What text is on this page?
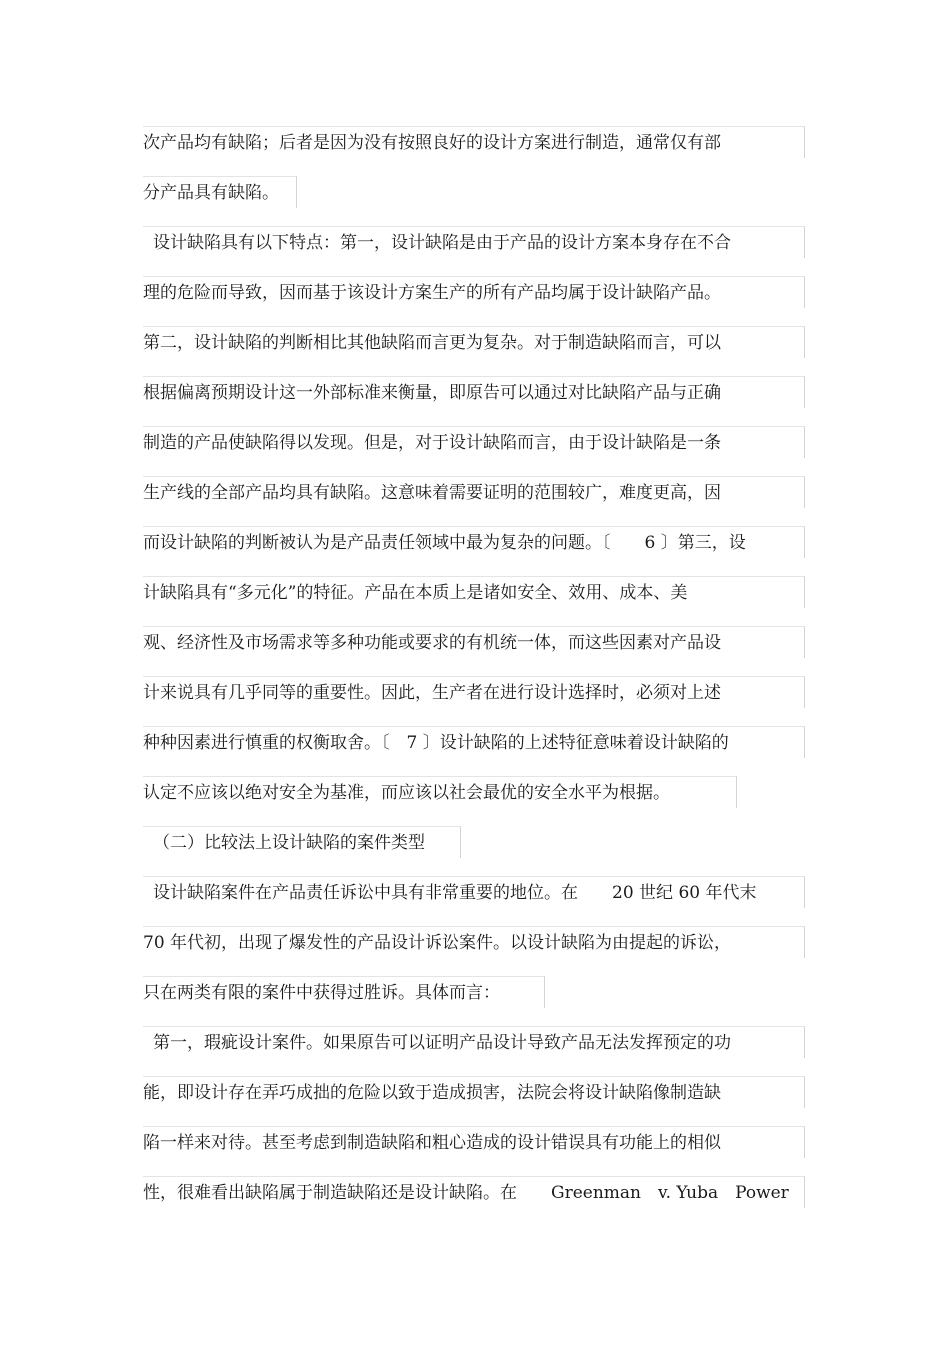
次产品均有缺陷；后者是因为没有按照良好的设计方案进行制造，通常仅有部
分产品具有缺陷。
设计缺陷具有以下特点：第一，设计缺陷是由于产品的设计方案本身存在不合
理的危险而导致，因而基于该设计方案生产的所有产品均属于设计缺陷产品。
第二，设计缺陷的判断相比其他缺陷而言更为复杂。对于制造缺陷而言，可以
根据偏离预期设计这一外部标准来衡量，即原告可以通过对比缺陷产品与正确
制造的产品使缺陷得以发现。但是，对于设计缺陷而言，由于设计缺陷是一条
生产线的全部产品均具有缺陷。这意味着需要证明的范围较广，难度更高，因
而设计缺陷的判断被认为是产品责任领域中最为复杂的问题。〔　　6 〕第三，设
计缺陷具有“多元化”的特征。产品在本质上是诸如安全、效用、成本、美
观、经济性及市场需求等多种功能或要求的有机统一体，而这些因素对产品设
计来说具有几乎同等的重要性。因此，生产者在进行设计选择时，必须对上述
种种因素进行慎重的权衡取舍。〔　7 〕设计缺陷的上述特征意味着设计缺陷的
认定不应该以绝对安全为基准，而应该以社会最优的安全水平为根据。
（二）比较法上设计缺陷的案件类型
设计缺陷案件在产品责任诉讼中具有非常重要的地位。在　　20 世纪 60 年代末
70 年代初，出现了爆发性的产品设计诉讼案件。以设计缺陷为由提起的诉讼，
只在两类有限的案件中获得过胜诉。具体而言：
第一，瑕疵设计案件。如果原告可以证明产品设计导致产品无法发挥预定的功
能，即设计存在弄巧成拙的危险以致于造成损害，法院会将设计缺陷像制造缺
陷一样来对待。甚至考虑到制造缺陷和粗心造成的设计错误具有功能上的相似
性，很难看出缺陷属于制造缺陷还是设计缺陷。在　　Greenman　v. Yuba　Power
